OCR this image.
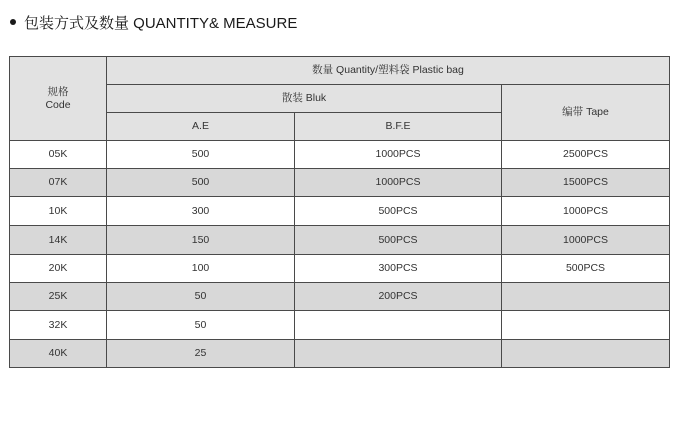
包装方式及数量 QUANTITY& MEASURE
规格
Code	数量 Quantity/塑料袋 Plastic bag		
	散装 Bluk		编带 Tape
	A.E	B.F.E	
05K	500	1000PCS	2500PCS
07K	500	1000PCS	1500PCS
10K	300	500PCS	1000PCS
14K	150	500PCS	1000PCS
20K	100	300PCS	500PCS
25K	50	200PCS	
32K	50		
40K	25		
